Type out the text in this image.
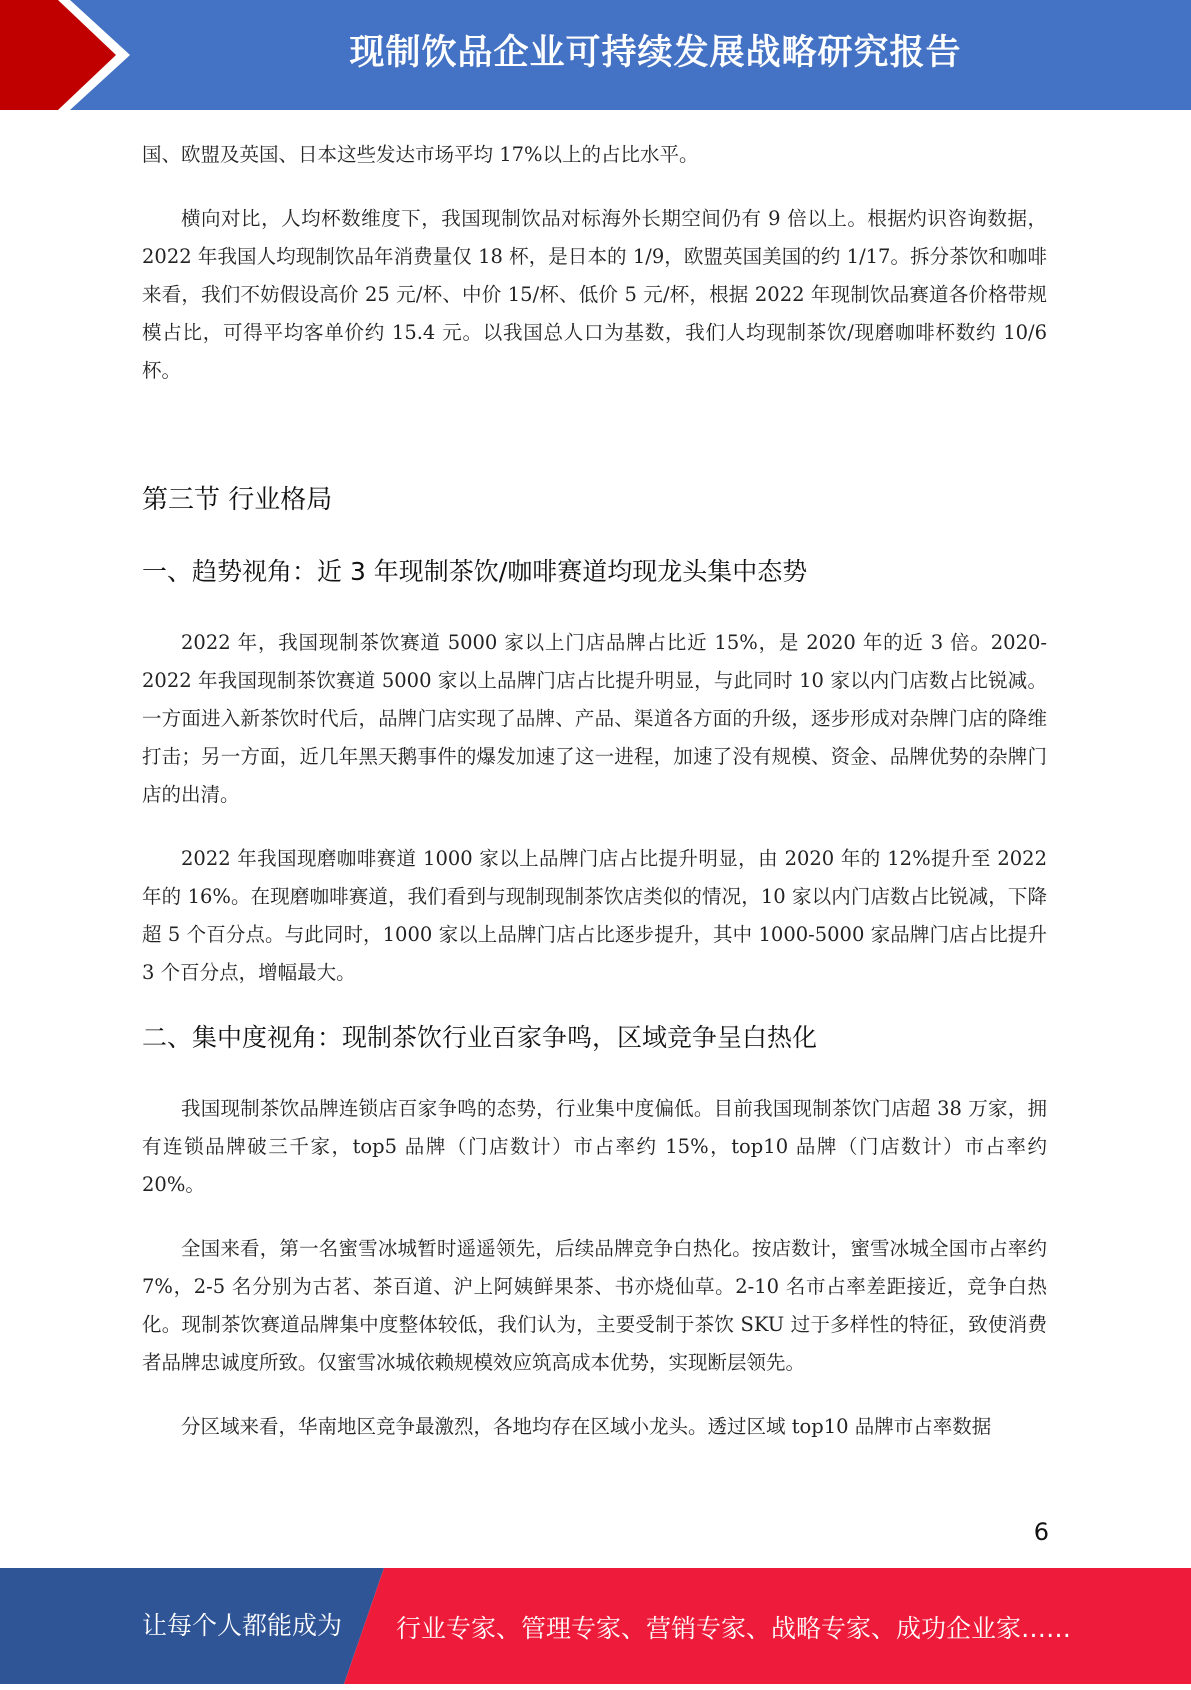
现制饮品企业可持续发展战略研究报告

国、欧盟及英国、日本这些发达市场平均 17%以上的占比水平。

横向对比，人均杯数维度下，我国现制饮品对标海外长期空间仍有 9 倍以上。根据灼识咨询数据，2022 年我国人均现制饮品年消费量仅 18 杯，是日本的 1/9，欧盟英国美国的约 1/17。拆分茶饮和咖啡来看，我们不妨假设高价 25 元/杯、中价 15/杯、低价 5 元/杯，根据 2022 年现制饮品赛道各价格带规模占比，可得平均客单价约 15.4 元。以我国总人口为基数，我们人均现制茶饮/现磨咖啡杯数约 10/6 杯。

第三节 行业格局
一、趋势视角：近 3 年现制茶饮/咖啡赛道均现龙头集中态势

2022 年，我国现制茶饮赛道 5000 家以上门店品牌占比近 15%，是 2020 年的近 3 倍。2020-2022 年我国现制茶饮赛道 5000 家以上品牌门店占比提升明显，与此同时 10 家以内门店数占比锐减。一方面进入新茶饮时代后，品牌门店实现了品牌、产品、渠道各方面的升级，逐步形成对杂牌门店的降维打击；另一方面，近几年黑天鹅事件的爆发加速了这一进程，加速了没有规模、资金、品牌优势的杂牌门店的出清。

2022 年我国现磨咖啡赛道 1000 家以上品牌门店占比提升明显，由 2020 年的 12%提升至 2022 年的 16%。在现磨咖啡赛道，我们看到与现制现制茶饮店类似的情况，10 家以内门店数占比锐减，下降超 5 个百分点。与此同时，1000 家以上品牌门店占比逐步提升，其中 1000-5000 家品牌门店占比提升 3 个百分点，增幅最大。

二、集中度视角：现制茶饮行业百家争鸣，区域竞争呈白热化

我国现制茶饮品牌连锁店百家争鸣的态势，行业集中度偏低。目前我国现制茶饮门店超 38 万家，拥有连锁品牌破三千家，top5 品牌（门店数计）市占率约 15%，top10 品牌（门店数计）市占率约 20%。

全国来看，第一名蜜雪冰城暂时遥遥领先，后续品牌竞争白热化。按店数计，蜜雪冰城全国市占率约 7%，2-5 名分别为古茗、茶百道、沪上阿姨鲜果茶、书亦烧仙草。2-10 名市占率差距接近，竞争白热化。现制茶饮赛道品牌集中度整体较低，我们认为，主要受制于茶饮 SKU 过于多样性的特征，致使消费者品牌忠诚度所致。仅蜜雪冰城依赖规模效应筑高成本优势，实现断层领先。

分区域来看，华南地区竞争最激烈，各地均存在区域小龙头。透过区域 top10 品牌市占率数据

6
让每个人都能成为 行业专家、管理专家、营销专家、战略专家、成功企业家……
